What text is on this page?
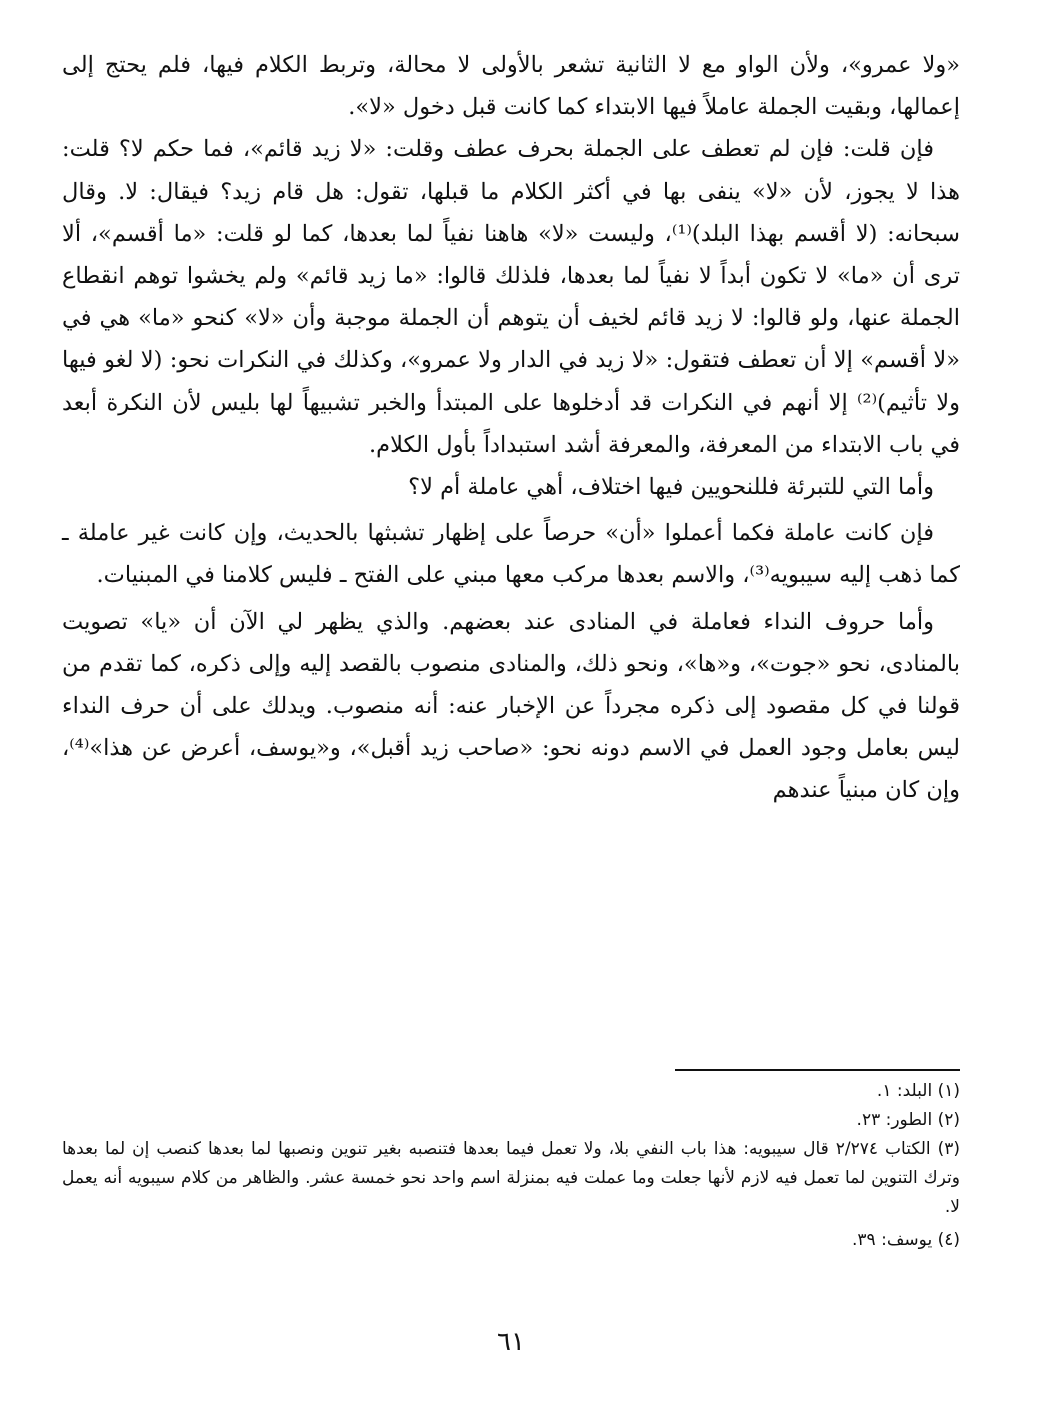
«ولا عمرو»، ولأن الواو مع لا الثانية تشعر بالأولى لا محالة، وتربط الكلام فيها، فلم يحتج إلى إعمالها، وبقيت الجملة عاملاً فيها الابتداء كما كانت قبل دخول «لا».

فإن قلت: فإن لم تعطف على الجملة بحرف عطف وقلت: «لا زيد قائم»، فما حكم لا؟ قلت: هذا لا يجوز، لأن «لا» ينفى بها في أكثر الكلام ما قبلها، تقول: هل قام زيد؟ فيقال: لا. وقال سبحانه: (لا أقسم بهذا البلد)⁽¹⁾، وليست «لا» هاهنا نفياً لما بعدها، كما لو قلت: «ما أقسم»، ألا ترى أن «ما» لا تكون أبداً لا نفياً لما بعدها، فلذلك قالوا: «ما زيد قائم» ولم يخشوا توهم انقطاع الجملة عنها، ولو قالوا: لا زيد قائم لخيف أن يتوهم أن الجملة موجبة وأن «لا» كنحو «ما» هي في «لا أقسم» إلا أن تعطف فتقول: «لا زيد في الدار ولا عمرو»، وكذلك في النكرات نحو: (لا لغو فيها ولا تأثيم)⁽²⁾ إلا أنهم في النكرات قد أدخلوها على المبتدأ والخبر تشبيهاً لها بليس لأن النكرة أبعد في باب الابتداء من المعرفة، والمعرفة أشد استبداداً بأول الكلام.

وأما التي للتبرئة فللنحويين فيها اختلاف، أهي عاملة أم لا؟

فإن كانت عاملة فكما أعملوا «أن» حرصاً على إظهار تشبثها بالحديث، وإن كانت غير عاملة ـ كما ذهب إليه سيبويه⁽³⁾، والاسم بعدها مركب معها مبني على الفتح ـ فليس كلامنا في المبنيات.

وأما حروف النداء فعاملة في المنادى عند بعضهم. والذي يظهر لي الآن أن «يا» تصويت بالمنادى، نحو «جوت»، و«ها»، ونحو ذلك، والمنادى منصوب بالقصد إليه وإلى ذكره، كما تقدم من قولنا في كل مقصود إلى ذكره مجرداً عن الإخبار عنه: أنه منصوب. ويدلك على أن حرف النداء ليس بعامل وجود العمل في الاسم دونه نحو: «صاحب زيد أقبل»، و«يوسف، أعرض عن هذا»⁽⁴⁾، وإن كان مبنياً عندهم

(١) البلد: ١.

(٢) الطور: ٢٣.

(٣) الكتاب ٢/٢٧٤ قال سيبويه: هذا باب النفي بلا، ولا تعمل فيما بعدها فتنصبه بغير تنوين ونصبها لما بعدها كنصب إن لما بعدها وترك التنوين لما تعمل فيه لازم لأنها جعلت وما عملت فيه بمنزلة اسم واحد نحو خمسة عشر. والظاهر من كلام سيبويه أنه يعمل لا.

(٤) يوسف: ٣٩.

٦١
